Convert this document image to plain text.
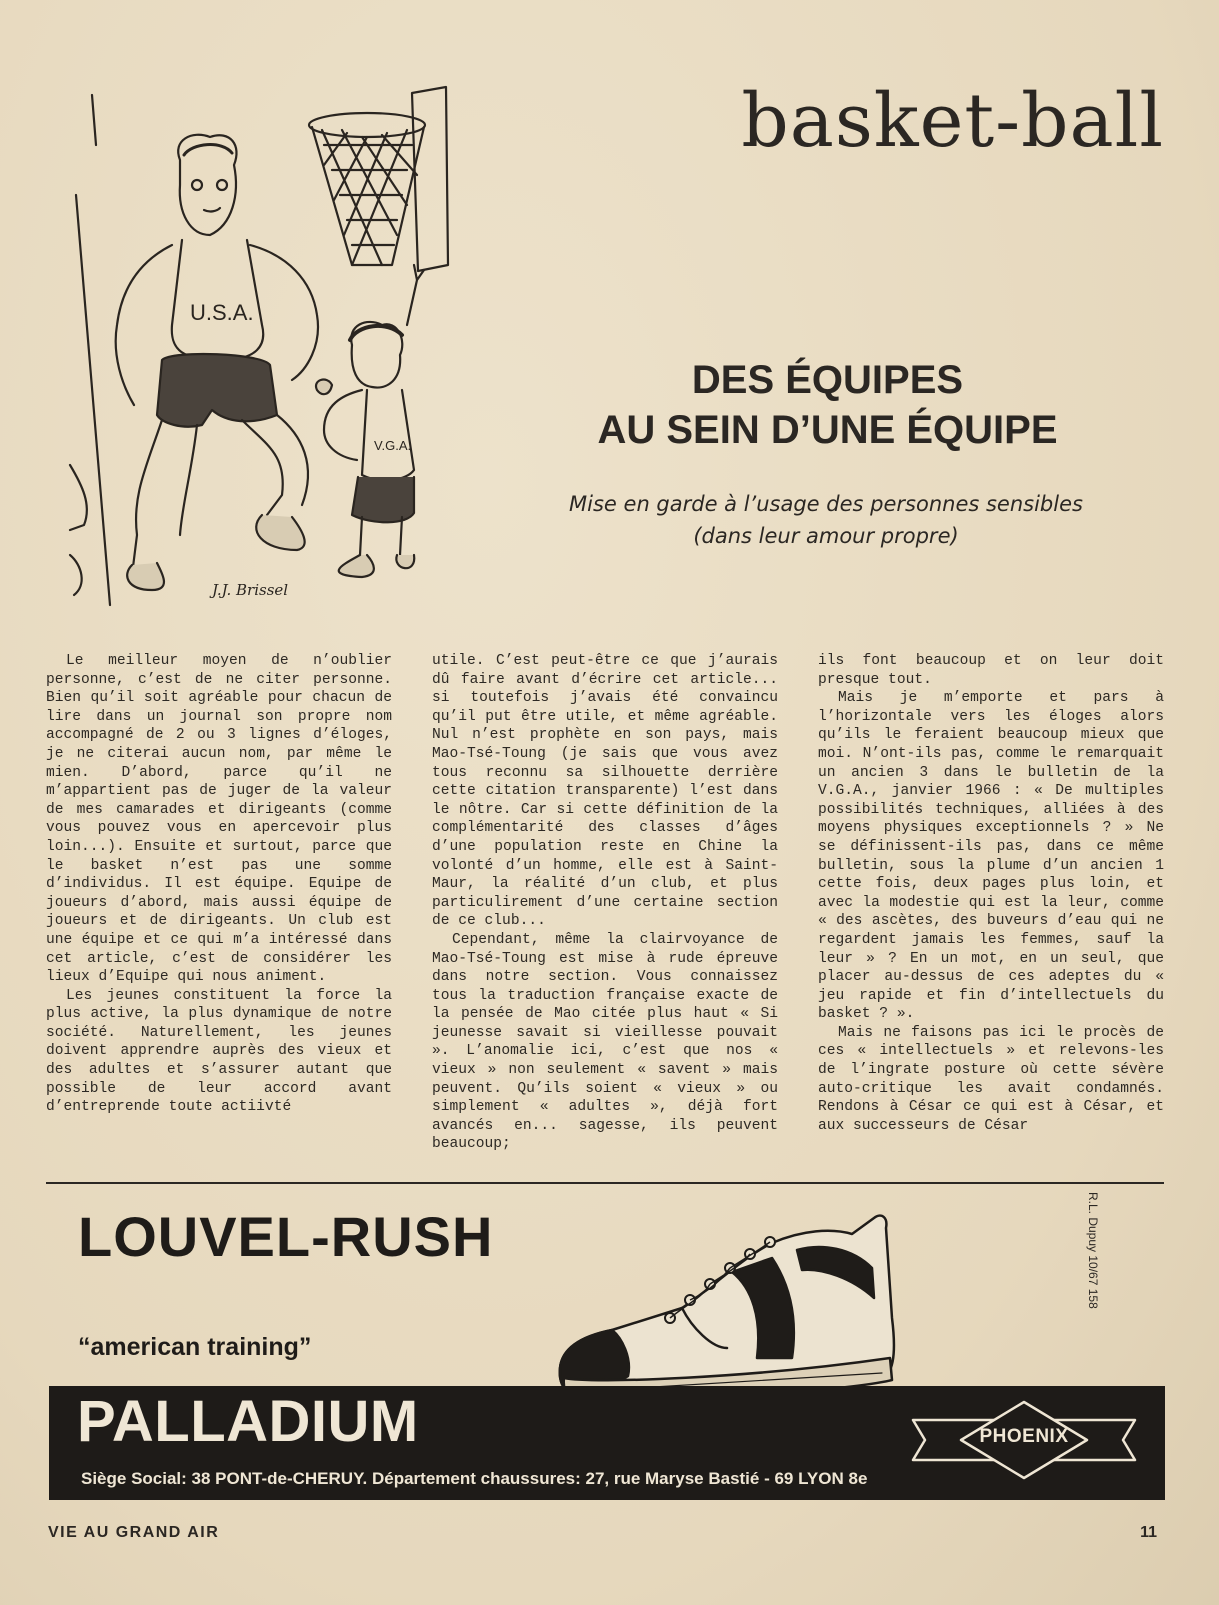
U.S.A.
V.G.A.
J.J. Brissel
basket-ball
DES ÉQUIPES
AU SEIN D’UNE ÉQUIPE

Mise en garde à l’usage des personnes sensibles
(dans leur amour propre)

Le meilleur moyen de n’oublier personne, c’est de ne citer personne. Bien qu’il soit agréable pour chacun de lire dans un journal son propre nom accompagné de 2 ou 3 lignes d’éloges, je ne citerai aucun nom, par même le mien. D’abord, parce qu’il ne m’appartient pas de juger de la valeur de mes camarades et dirigeants (comme vous pouvez vous en apercevoir plus loin...). Ensuite et surtout, parce que le basket n’est pas une somme d’individus. Il est équipe. Equipe de joueurs d’abord, mais aussi équipe de joueurs et de dirigeants. Un club est une équipe et ce qui m’a intéressé dans cet article, c’est de considérer les lieux d’Equipe qui nous animent.

Les jeunes constituent la force la plus active, la plus dynamique de notre société. Naturellement, les jeunes doivent apprendre auprès des vieux et des adultes et s’assurer autant que possible de leur accord avant d’entreprende toute actiivté

utile. C’est peut-être ce que j’aurais dû faire avant d’écrire cet article... si toutefois j’avais été convaincu qu’il put être utile, et même agréable. Nul n’est prophète en son pays, mais Mao-Tsé-Toung (je sais que vous avez tous reconnu sa silhouette derrière cette citation transparente) l’est dans le nôtre. Car si cette définition de la complémentarité des classes d’âges d’une population reste en Chine la volonté d’un homme, elle est à Saint-Maur, la réalité d’un club, et plus particulirement d’une certaine section de ce club...

Cependant, même la clairvoyance de Mao-Tsé-Toung est mise à rude épreuve dans notre section. Vous connaissez tous la traduction française exacte de la pensée de Mao citée plus haut « Si jeunesse savait si vieillesse pouvait ». L’anomalie ici, c’est que nos « vieux » non seulement « savent » mais peuvent. Qu’ils soient « vieux » ou simplement « adultes », déjà fort avancés en... sagesse, ils peuvent beaucoup;

ils font beaucoup et on leur doit presque tout.

Mais je m’emporte et pars à l’horizontale vers les éloges alors qu’ils le feraient beaucoup mieux que moi. N’ont-ils pas, comme le remarquait un ancien 3 dans le bulletin de la V.G.A., janvier 1966 : « De multiples possibilités techniques, alliées à des moyens physiques exceptionnels ? » Ne se définissent-ils pas, dans ce même bulletin, sous la plume d’un ancien 1 cette fois, deux pages plus loin, et avec la modestie qui est la leur, comme « des ascètes, des buveurs d’eau qui ne regardent jamais les femmes, sauf la leur » ? En un mot, en un seul, que placer au-dessus de ces adeptes du « jeu rapide et fin d’intellectuels du basket ? ».

Mais ne faisons pas ici le procès de ces « intellectuels » et relevons-les de l’ingrate posture où cette sévère auto-critique les avait condamnés. Rendons à César ce qui est à César, et aux successeurs de César

LOUVEL-RUSH

“american training”

R.L. Dupuy 10/67 158

PALLADIUM

Siège Social: 38 PONT-de-CHERUY. Département chaussures: 27, rue Maryse Bastié - 69 LYON 8e

PHOENIX
VIE AU GRAND AIR	11
